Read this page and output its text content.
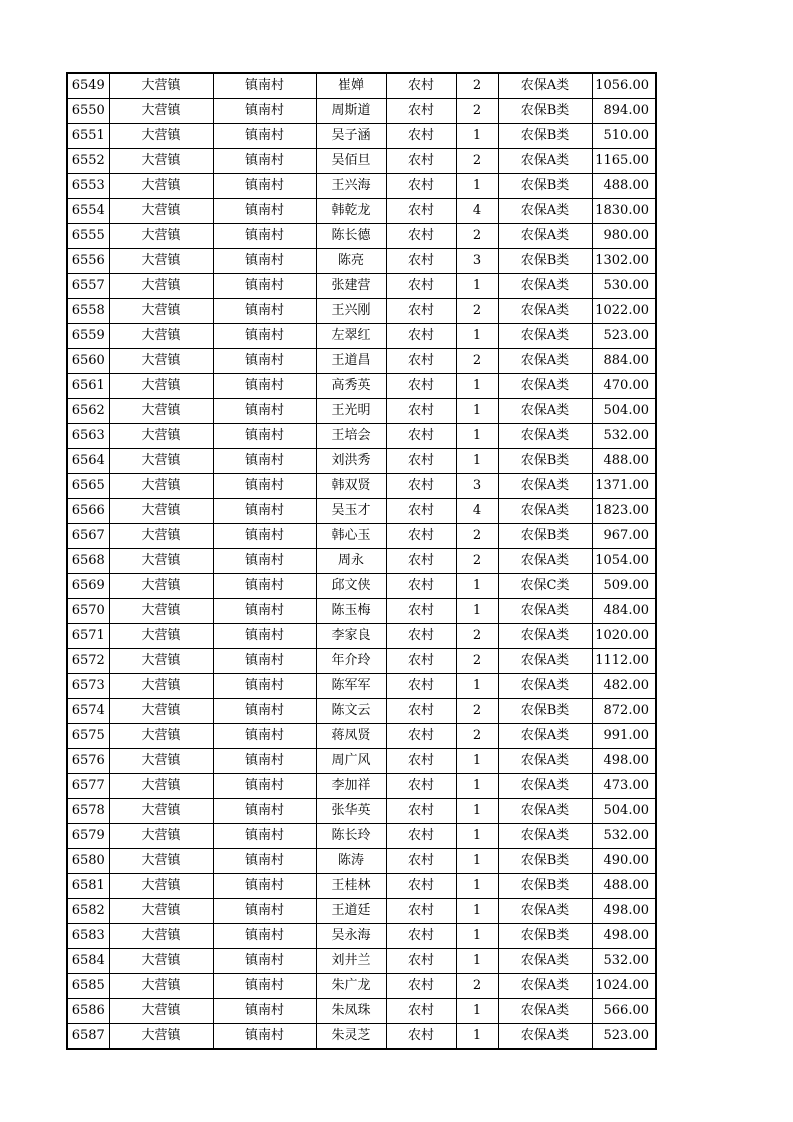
6549	大营镇	镇南村	崔婵	农村	2	农保A类	1056.00
6550	大营镇	镇南村	周斯道	农村	2	农保B类	894.00
6551	大营镇	镇南村	吴子涵	农村	1	农保B类	510.00
6552	大营镇	镇南村	吴佰旦	农村	2	农保A类	1165.00
6553	大营镇	镇南村	王兴海	农村	1	农保B类	488.00
6554	大营镇	镇南村	韩乾龙	农村	4	农保A类	1830.00
6555	大营镇	镇南村	陈长德	农村	2	农保A类	980.00
6556	大营镇	镇南村	陈亮	农村	3	农保B类	1302.00
6557	大营镇	镇南村	张建营	农村	1	农保A类	530.00
6558	大营镇	镇南村	王兴刚	农村	2	农保A类	1022.00
6559	大营镇	镇南村	左翠红	农村	1	农保A类	523.00
6560	大营镇	镇南村	王道昌	农村	2	农保A类	884.00
6561	大营镇	镇南村	高秀英	农村	1	农保A类	470.00
6562	大营镇	镇南村	王光明	农村	1	农保A类	504.00
6563	大营镇	镇南村	王培会	农村	1	农保A类	532.00
6564	大营镇	镇南村	刘洪秀	农村	1	农保B类	488.00
6565	大营镇	镇南村	韩双贤	农村	3	农保A类	1371.00
6566	大营镇	镇南村	吴玉才	农村	4	农保A类	1823.00
6567	大营镇	镇南村	韩心玉	农村	2	农保B类	967.00
6568	大营镇	镇南村	周永	农村	2	农保A类	1054.00
6569	大营镇	镇南村	邱文侠	农村	1	农保C类	509.00
6570	大营镇	镇南村	陈玉梅	农村	1	农保A类	484.00
6571	大营镇	镇南村	李家良	农村	2	农保A类	1020.00
6572	大营镇	镇南村	年介玲	农村	2	农保A类	1112.00
6573	大营镇	镇南村	陈军军	农村	1	农保A类	482.00
6574	大营镇	镇南村	陈文云	农村	2	农保B类	872.00
6575	大营镇	镇南村	蒋凤贤	农村	2	农保A类	991.00
6576	大营镇	镇南村	周广风	农村	1	农保A类	498.00
6577	大营镇	镇南村	李加祥	农村	1	农保A类	473.00
6578	大营镇	镇南村	张华英	农村	1	农保A类	504.00
6579	大营镇	镇南村	陈长玲	农村	1	农保A类	532.00
6580	大营镇	镇南村	陈涛	农村	1	农保B类	490.00
6581	大营镇	镇南村	王桂林	农村	1	农保B类	488.00
6582	大营镇	镇南村	王道廷	农村	1	农保A类	498.00
6583	大营镇	镇南村	吴永海	农村	1	农保B类	498.00
6584	大营镇	镇南村	刘井兰	农村	1	农保A类	532.00
6585	大营镇	镇南村	朱广龙	农村	2	农保A类	1024.00
6586	大营镇	镇南村	朱凤珠	农村	1	农保A类	566.00
6587	大营镇	镇南村	朱灵芝	农村	1	农保A类	523.00
